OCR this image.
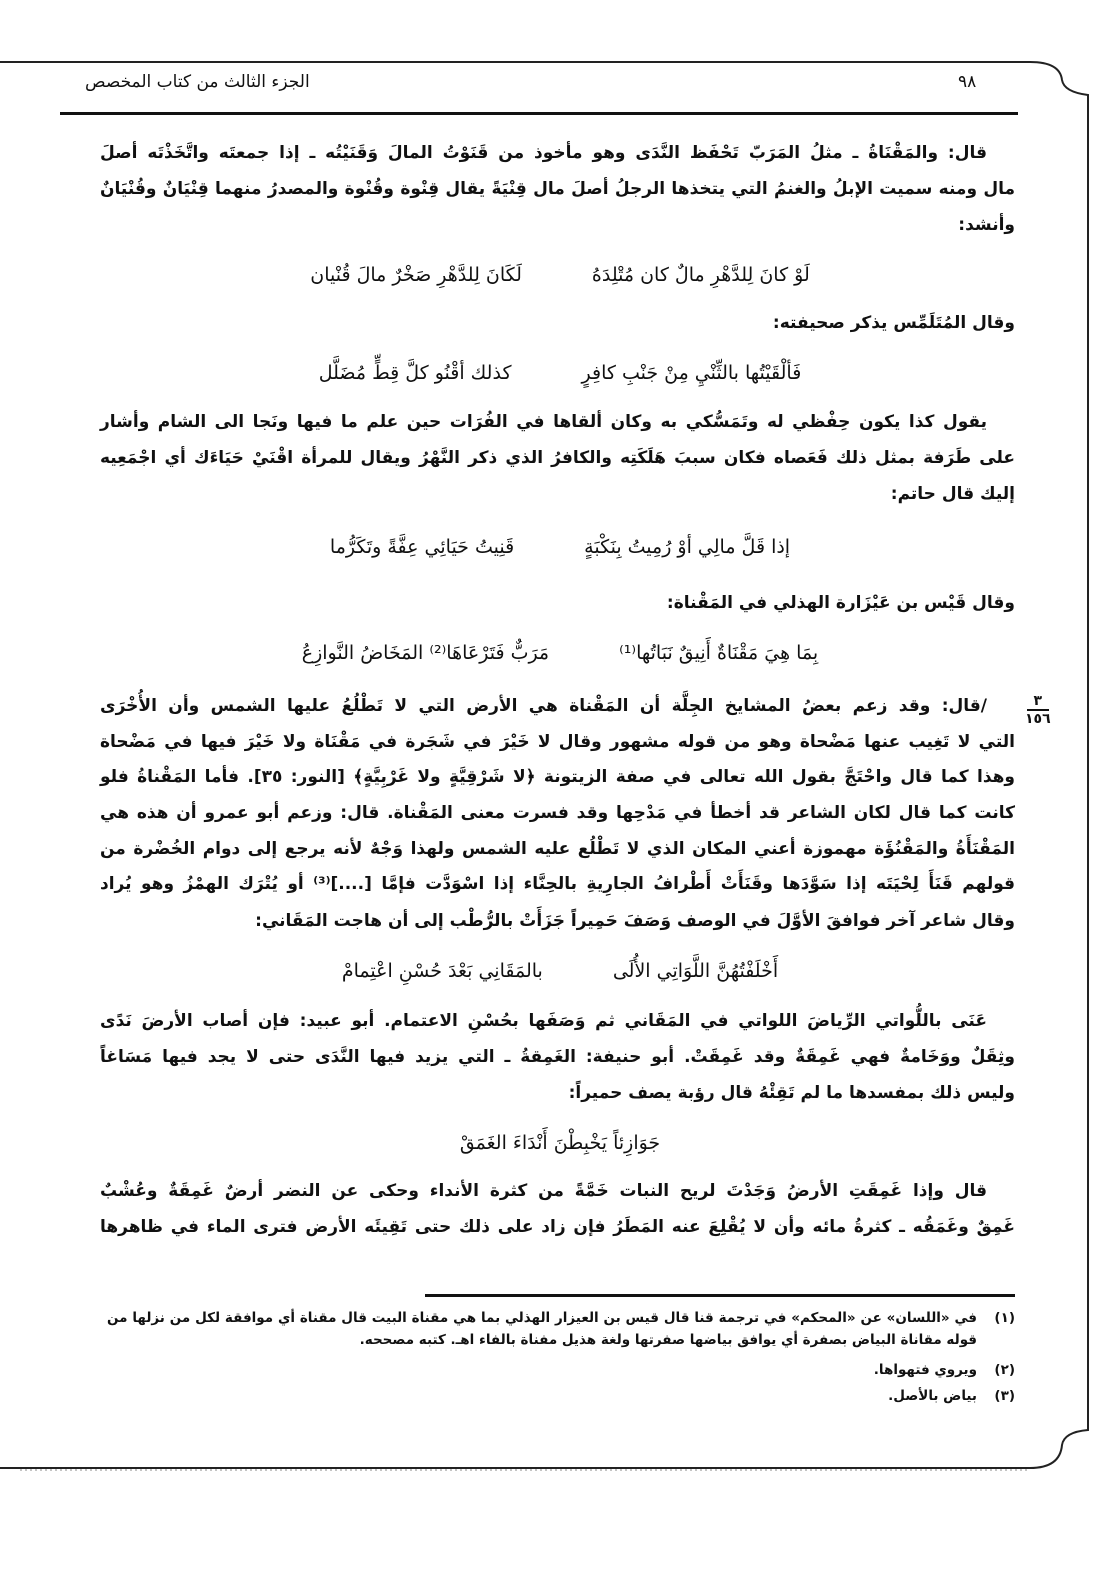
٩٨
الجزء الثالث من كتاب المخصص
قال: والمَقْنَاةُ ـ مثلُ المَرَبّ تَحْفَظ النَّدَى وهو مأخوذ من قَنَوْتُ المالَ وَقَنَيْتُه ـ إذا جمعتَه واتَّخَذْتَه أصلَ
مال ومنه سميت الإبلُ والغنمُ التي يتخذها الرجلُ أصلَ مال قِنْيَةً يقال قِنْوة وقُنْوة والمصدرُ منهما قِنْيَانٌ وقُنْيَانٌ
وأنشد:
لَوْ كانَ لِلدَّهْرِ مالٌ كان مُتْلِدَهُ
لَكَانَ لِلدَّهْرِ صَخْرٌ مالَ قُنْيان
وقال المُتَلَمِّس يذكر صحيفته:
فَألْقَيْتُها بالثِّنْيِ مِنْ جَنْبِ كافِرٍ
كذلك أقْنُو كلَّ قِطٍّ مُضَلَّل
يقول كذا يكون حِفْظي له وتَمَسُّكي به وكان ألقاها في الفُرَات حين علم ما فيها ونَجا الى الشام وأشار
على طَرَفة بمثل ذلك فَعَصاه فكان سببَ هَلَكَتِه والكافرُ الذي ذكر النَّهْرُ ويقال للمرأة اقْنَيْ حَيَاءَك أي اجْمَعِيه
إليك قال حاتم:
إذا قَلَّ مالِي أوْ رُمِيتُ بِنَكْبَةٍ
قَنِيتُ حَيَائِي عِفَّةً وتَكَرُّما
وقال قَيْس بن عَيْزَارة الهذلي في المَقْناة:
بِمَا هِيَ مَقْنَاةٌ أَنِيقٌ نَبَاتُها⁽¹⁾
مَرَبٌّ فَتَرْعَاهَا⁽²⁾ المَخَاضُ النَّوازِعُ
٣
١٥٦
/قال: وقد زعم بعضُ المشايخ الجِلَّة أن المَقْناة هي الأرض التي لا تَطْلُعُ عليها الشمس وأن الأُخْرَى
التي لا تَغِيب عنها مَضْحاة وهو من قوله مشهور وقال لا خَيْرَ في شَجَرة في مَقْنَاة ولا خَيْرَ فيها في مَضْحاة
وهذا كما قال واحْتَجَّ بقول الله تعالى في صفة الزيتونة ﴿لا شَرْقِيَّةٍ ولا غَرْبِيَّةٍ﴾ [النور: ٣٥]. فأما المَقْناةُ فلو
كانت كما قال لكان الشاعر قد أخطأ في مَدْحِها وقد فسرت معنى المَقْناة. قال: وزعم أبو عمرو أن هذه هي
المَقْنَأَةُ والمَقْنُؤَة مهموزة أعني المكان الذي لا تَطْلُع عليه الشمس ولهذا وَجْهٌ لأنه يرجع إلى دوام الخُضْرة من
قولهم قَنَأَ لِحْيَتَه إذا سَوَّدَها وقَنَأَتْ أَطْرافُ الجارِيةِ بالحِنَّاء إذا اسْوَدَّت فإمَّا [....]⁽³⁾ أو يُتْرَك الهمْزُ وهو يُراد
وقال شاعر آخر فوافقَ الأوَّلَ في الوصف وَصَفَ حَمِيراً جَزَأَتْ بالرُّطْب إلى أن هاجت المَقَاني:
أَخْلَفْتُهُنَّ اللَّوَاتِي الأُلَى
بالمَقَانِي بَعْدَ حُسْنِ اعْتِمامْ
عَنَى باللُّواتي الرِّياضَ اللواتي في المَقَاني ثم وَصَفَها بحُسْنِ الاعتمام. أبو عبيد: فإن أصاب الأرضَ نَدًى
وثِقَلٌ ووَخَامةٌ فهي غَمِقَةٌ وقد غَمِقَتْ. أبو حنيفة: الغَمِقةُ ـ التي يزيد فيها النَّدَى حتى لا يجد فيها مَسَاغاً
وليس ذلك بمفسدها ما لم تَقِئْهُ قال رؤبة يصف حميراً:
جَوَازِئاً يَخْبِطْنَ أَنْدَاءَ الغَمَقْ
قال وإذا غَمِقَتِ الأرضُ وَجَدْتَ لريح النبات خَمَّةً من كثرة الأنداء وحكى عن النضر أرضٌ غَمِقَةٌ وعُشْبٌ
غَمِقٌ وغَمَقُه ـ كثرةُ مائه وأن لا يُقْلِعَ عنه المَطَرُ فإن زاد على ذلك حتى تَقِيئَه الأرض فترى الماء في ظاهرها
(١)في «اللسان» عن «المحكم» في ترجمة قنا قال قيس بن العيزار الهذلي بما هي مقناة البيت قال مقناة أي موافقة لكل من نزلها من قوله مقاناة البياض بصفرة أي يوافق بياضها صفرتها ولغة هذيل مفناة بالفاء اهـ. كتبه مصححه.
(٢)ويروي فتهواها.
(٣)بياض بالأصل.
